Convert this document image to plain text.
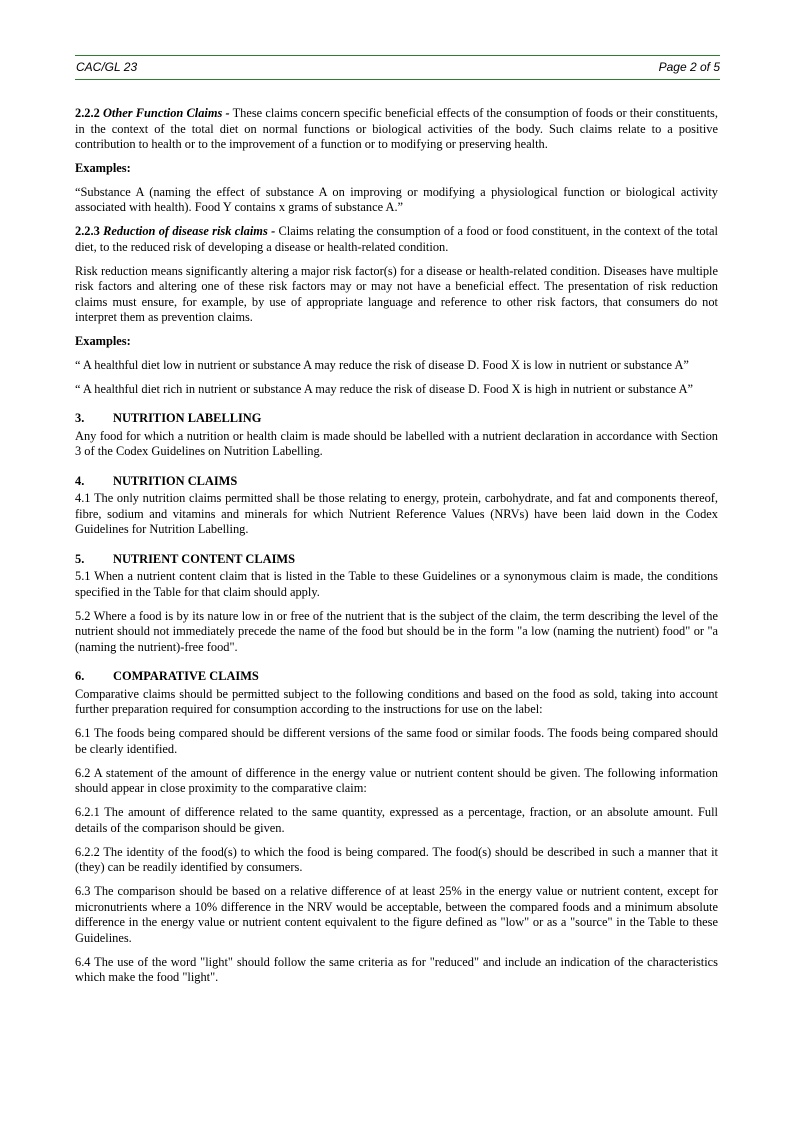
CAC/GL 23	Page 2 of 5

2.2.2 Other Function Claims - These claims concern specific beneficial effects of the consumption of foods or their constituents, in the context of the total diet on normal functions or biological activities of the body. Such claims relate to a positive contribution to health or to the improvement of a function or to modifying or preserving health.

Examples:

“Substance A (naming the effect of substance A on improving or modifying a physiological function or biological activity associated with health). Food Y contains x grams of substance A.”

2.2.3 Reduction of disease risk claims - Claims relating the consumption of a food or food constituent, in the context of the total diet, to the reduced risk of developing a disease or health-related condition.

Risk reduction means significantly altering a major risk factor(s) for a disease or health-related condition. Diseases have multiple risk factors and altering one of these risk factors may or may not have a beneficial effect. The presentation of risk reduction claims must ensure, for example, by use of appropriate language and reference to other risk factors, that consumers do not interpret them as prevention claims.

Examples:

“ A healthful diet low in nutrient or substance A may reduce the risk of disease D. Food X is low in nutrient or substance A”

“ A healthful diet rich in nutrient or substance A may reduce the risk of disease D. Food X is high in nutrient or substance A”

3. NUTRITION LABELLING

Any food for which a nutrition or health claim is made should be labelled with a nutrient declaration in accordance with Section 3 of the Codex Guidelines on Nutrition Labelling.

4. NUTRITION CLAIMS

4.1 The only nutrition claims permitted shall be those relating to energy, protein, carbohydrate, and fat and components thereof, fibre, sodium and vitamins and minerals for which Nutrient Reference Values (NRVs) have been laid down in the Codex Guidelines for Nutrition Labelling.

5. NUTRIENT CONTENT CLAIMS

5.1 When a nutrient content claim that is listed in the Table to these Guidelines or a synonymous claim is made, the conditions specified in the Table for that claim should apply.

5.2 Where a food is by its nature low in or free of the nutrient that is the subject of the claim, the term describing the level of the nutrient should not immediately precede the name of the food but should be in the form "a low (naming the nutrient) food" or "a (naming the nutrient)-free food".

6. COMPARATIVE CLAIMS

Comparative claims should be permitted subject to the following conditions and based on the food as sold, taking into account further preparation required for consumption according to the instructions for use on the label:

6.1 The foods being compared should be different versions of the same food or similar foods. The foods being compared should be clearly identified.

6.2 A statement of the amount of difference in the energy value or nutrient content should be given. The following information should appear in close proximity to the comparative claim:

6.2.1 The amount of difference related to the same quantity, expressed as a percentage, fraction, or an absolute amount. Full details of the comparison should be given.

6.2.2 The identity of the food(s) to which the food is being compared. The food(s) should be described in such a manner that it (they) can be readily identified by consumers.

6.3 The comparison should be based on a relative difference of at least 25% in the energy value or nutrient content, except for micronutrients where a 10% difference in the NRV would be acceptable, between the compared foods and a minimum absolute difference in the energy value or nutrient content equivalent to the figure defined as "low" or as a "source" in the Table to these Guidelines.

6.4 The use of the word "light" should follow the same criteria as for "reduced" and include an indication of the characteristics which make the food "light".
